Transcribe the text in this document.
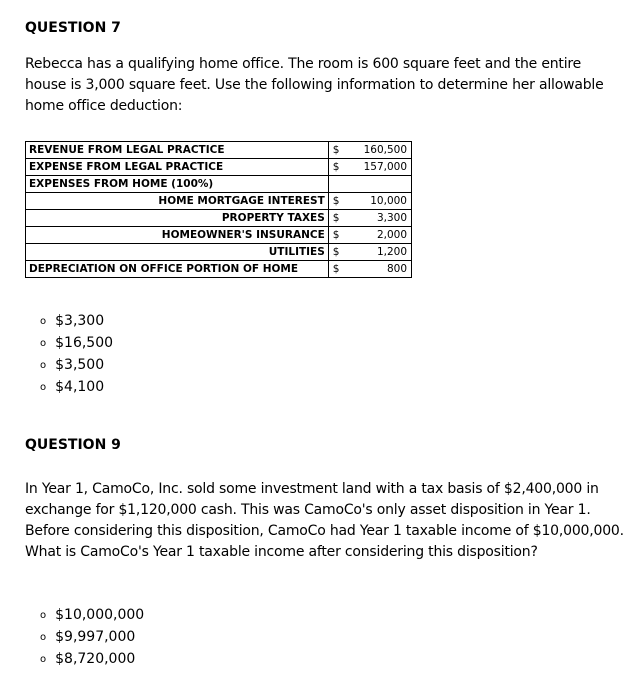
QUESTION 7
Rebecca has a qualifying home office. The room is 600 square feet and the entire house is 3,000 square feet. Use the following information to determine her allowable home office deduction:
REVENUE FROM LEGAL PRACTICE	$ 160,500

EXPENSE FROM LEGAL PRACTICE	$ 157,000

EXPENSES FROM HOME (100%)	

HOME MORTGAGE INTEREST	$ 10,000

PROPERTY TAXES	$ 3,300

HOMEOWNER'S INSURANCE	$ 2,000

UTILITIES	$ 1,200

DEPRECIATION ON OFFICE PORTION OF HOME	$ 800
o $3,300
o $16,500
o $3,500
o $4,100
QUESTION 9
In Year 1, CamoCo, Inc. sold some investment land with a tax basis of $2,400,000 in exchange for $1,120,000 cash. This was CamoCo's only asset disposition in Year 1. Before considering this disposition, CamoCo had Year 1 taxable income of $10,000,000. What is CamoCo's Year 1 taxable income after considering this disposition?
o $10,000,000
o $9,997,000
o $8,720,000
